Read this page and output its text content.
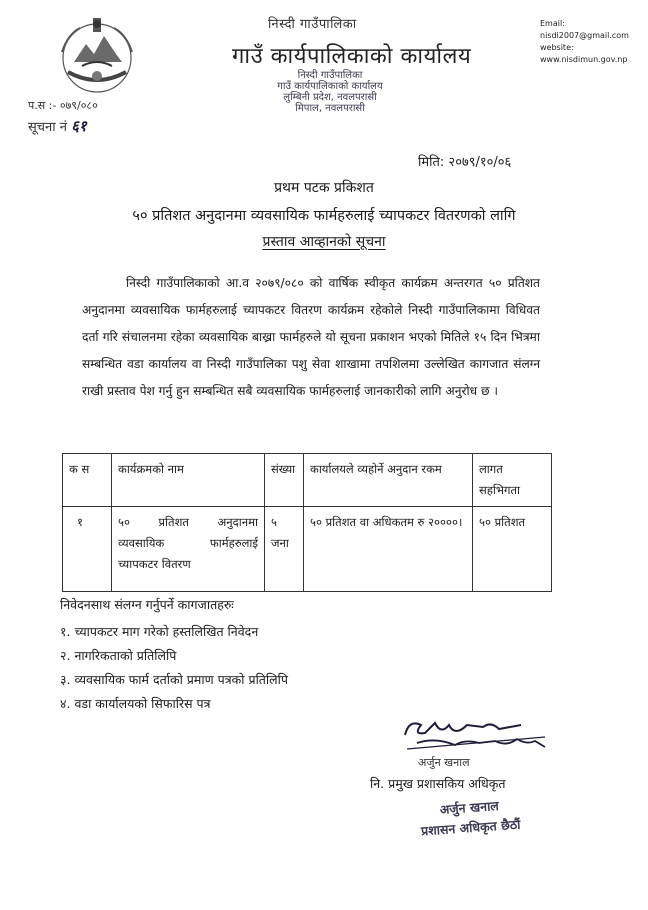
निस्दी गाउँपालिका
गाउँ कार्यपालिकाको कार्यालय
Email:
nisdi2007@gmail.com
website:
www.nisdimun.gov.np
निस्दी गाउँपालिका
गाउँ कार्यपालिकाको कार्यालय
लुम्बिनी प्रदेश, नवलपरासी
मिपाल, नवलपरासी
प.स :- ०७९/०८०
सूचना नं ६१
मिति: २०७९/१०/०६
प्रथम पटक प्रकिशत
५० प्रतिशत अनुदानमा व्यवसायिक फार्महरुलाई च्यापकटर वितरणको लागि
प्रस्ताव आव्हानको सूचना
निस्दी गाउँपालिकाको आ.व २०७९/०८० को वार्षिक स्वीकृत कार्यक्रम अन्तरगत ५० प्रतिशत अनुदानमा व्यवसायिक फार्महरुलाई च्यापकटर वितरण कार्यक्रम रहेकोले निस्दी गाउँपालिकामा विधिवत दर्ता गरि संचालनमा रहेका व्यवसायिक बाख्रा फार्महरुले यो सूचना प्रकाशन भएको मितिले १५ दिन भित्रमा सम्बन्धित वडा कार्यालय वा निस्दी गाउँपालिका पशु सेवा शाखामा तपशिलमा उल्लेखित कागजात संलग्न राखी प्रस्ताव पेश गर्नु हुन सम्बन्धित सबै व्यवसायिक फार्महरुलाई जानकारीको लागि अनुरोध छ ।
क स	कार्यक्रमको नाम	संख्या	कार्यालयले व्यहोर्ने अनुदान रकम	लागत सहभिगता
१	५० प्रतिशत अनुदानमा व्यवसायिक फार्महरुलाई च्यापकटर वितरण	५ जना	५० प्रतिशत वा अधिकतम रु २००००।	५० प्रतिशत
निवेदनसाथ संलग्न गर्नुपर्ने कागजातहरुः
१. च्यापकटर माग गरेको हस्तलिखित निवेदन
२. नागरिकताको प्रतिलिपि
३. व्यवसायिक फार्म दर्ताको प्रमाण पत्रको प्रतिलिपि
४. वडा कार्यालयको सिफारिस पत्र
अर्जुन खनाल
नि. प्रमुख प्रशासकिय अधिकृत
अर्जुन खनाल
प्रशासन अधिकृत छैठौं
